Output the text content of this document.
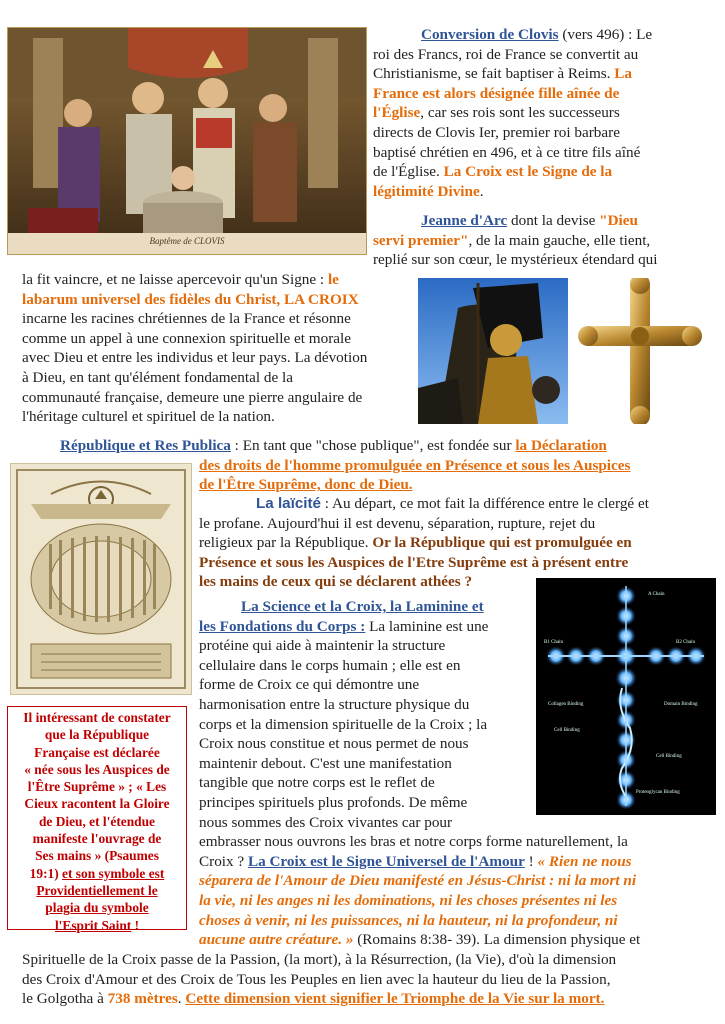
Baptême de CLOVIS
Conversion de Clovis (vers 496) : Le
roi des Francs, roi de France se convertit au
Christianisme, se fait baptiser à Reims. La
France est alors désignée fille aînée de
l'Église, car ses rois sont les successeurs
directs de Clovis Ier, premier roi barbare
baptisé chrétien en 496, et à ce titre fils aîné
de l'Église. La Croix est le Signe de la
légitimité Divine.
Jeanne d'Arc dont la devise "Dieu
servi premier", de la main gauche, elle tient,
replié sur son cœur, le mystérieux étendard qui
la fit vaincre, et ne laisse apercevoir qu'un Signe : le
labarum universel des fidèles du Christ, LA CROIX
incarne les racines chrétiennes de la France et résonne
comme un appel à une connexion spirituelle et morale
avec Dieu et entre les individus et leur pays. La dévotion
à Dieu, en tant qu'élément fondamental de la
communauté française, demeure une pierre angulaire de
l'héritage culturel et spirituel de la nation.
République et Res Publica : En tant que "chose publique", est fondée sur la Déclaration
des droits de l'homme promulguée en Présence et sous les Auspices
de l'Être Suprême, donc de Dieu.
La laïcité : Au départ, ce mot fait la différence entre le clergé et
le profane. Aujourd'hui il est devenu, séparation, rupture, rejet du
religieux par la République. Or la République qui est promulguée en
Présence et sous les Auspices de l'Etre Suprême est à présent entre
les mains de ceux qui se déclarent athées ?
A Chain
B1 Chain	B2 Chain
Collagen Binding
Cell Binding
Cell Binding
Domain Binding
Proteoglycan Binding
Il intéressant de constater
que la République
Française est déclarée
« née sous les Auspices de
l'Être Suprême » ; « Les
Cieux racontent la Gloire
de Dieu, et l'étendue
manifeste l'ouvrage de
Ses mains » (Psaumes
19:1) et son symbole est
Providentiellement le
plagia du symbole
l'Esprit Saint !
La Science et la Croix, la Laminine et
les Fondations du Corps : La laminine est une
protéine qui aide à maintenir la structure
cellulaire dans le corps humain ; elle est en
forme de Croix ce qui démontre une
harmonisation entre la structure physique du
corps et la dimension spirituelle de la Croix ; la
Croix nous constitue et nous permet de nous
maintenir debout. C'est une manifestation
tangible que notre corps est le reflet de
principes spirituels plus profonds. De même
nous sommes des Croix vivantes car pour
embrasser nous ouvrons les bras et notre corps forme naturellement, la
Croix ? La Croix est le Signe Universel de l'Amour ! « Rien ne nous
séparera de l'Amour de Dieu manifesté en Jésus-Christ : ni la mort ni
la vie, ni les anges ni les dominations, ni les choses présentes ni les
choses à venir, ni les puissances, ni la hauteur, ni la profondeur, ni
aucune autre créature. » (Romains 8:38- 39). La dimension physique et
Spirituelle de la Croix passe de la Passion, (la mort), à la Résurrection, (la Vie), d'où la dimension
des Croix d'Amour et des Croix de Tous les Peuples en lien avec la hauteur du lieu de la Passion,
le Golgotha à 738 mètres. Cette dimension vient signifier le Triomphe de la Vie sur la mort.
